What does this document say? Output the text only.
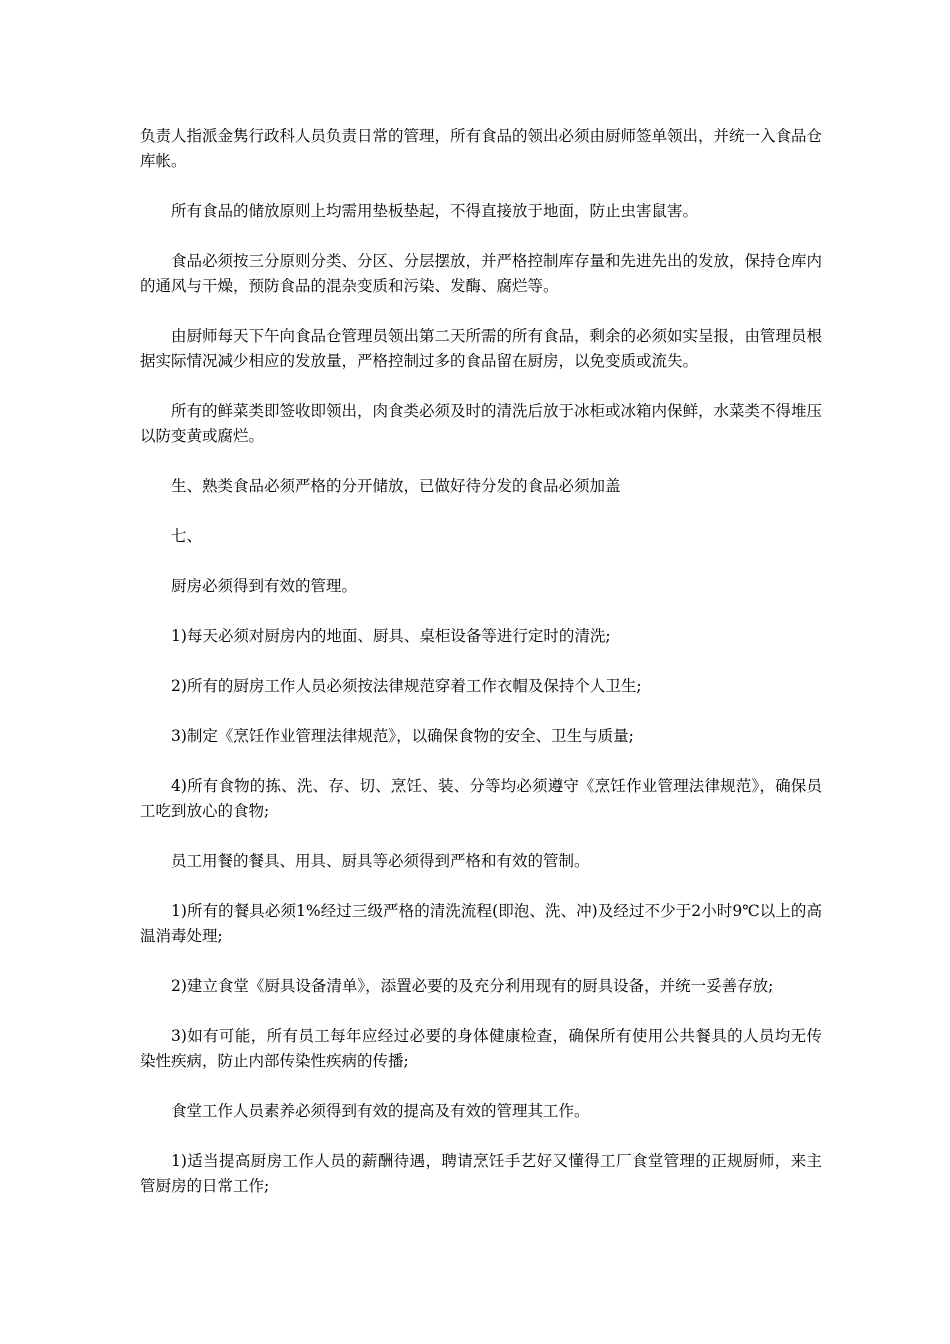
负责人指派金隽行政科人员负责日常的管理，所有食品的领出必须由厨师签单领出，并统一入食品仓库帐。

所有食品的储放原则上均需用垫板垫起，不得直接放于地面，防止虫害鼠害。

食品必须按三分原则分类、分区、分层摆放，并严格控制库存量和先进先出的发放，保持仓库内的通风与干燥，预防食品的混杂变质和污染、发酶、腐烂等。

由厨师每天下午向食品仓管理员领出第二天所需的所有食品，剩余的必须如实呈报，由管理员根据实际情况减少相应的发放量，严格控制过多的食品留在厨房，以免变质或流失。

所有的鲜菜类即签收即领出，肉食类必须及时的清洗后放于冰柜或冰箱内保鲜，水菜类不得堆压以防变黄或腐烂。

生、熟类食品必须严格的分开储放，已做好待分发的食品必须加盖

七、

厨房必须得到有效的管理。

1)每天必须对厨房内的地面、厨具、桌柜设备等进行定时的清洗;

2)所有的厨房工作人员必须按法律规范穿着工作衣帽及保持个人卫生;

3)制定《烹饪作业管理法律规范》，以确保食物的安全、卫生与质量;

4)所有食物的拣、洗、存、切、烹饪、装、分等均必须遵守《烹饪作业管理法律规范》，确保员工吃到放心的食物;

员工用餐的餐具、用具、厨具等必须得到严格和有效的管制。

1)所有的餐具必须1%经过三级严格的清洗流程(即泡、洗、冲)及经过不少于2小时9℃以上的高温消毒处理;

2)建立食堂《厨具设备清单》，添置必要的及充分利用现有的厨具设备，并统一妥善存放;

3)如有可能，所有员工每年应经过必要的身体健康检查，确保所有使用公共餐具的人员均无传染性疾病，防止内部传染性疾病的传播;

食堂工作人员素养必须得到有效的提高及有效的管理其工作。

1)适当提高厨房工作人员的薪酬待遇，聘请烹饪手艺好又懂得工厂食堂管理的正规厨师，来主管厨房的日常工作;
